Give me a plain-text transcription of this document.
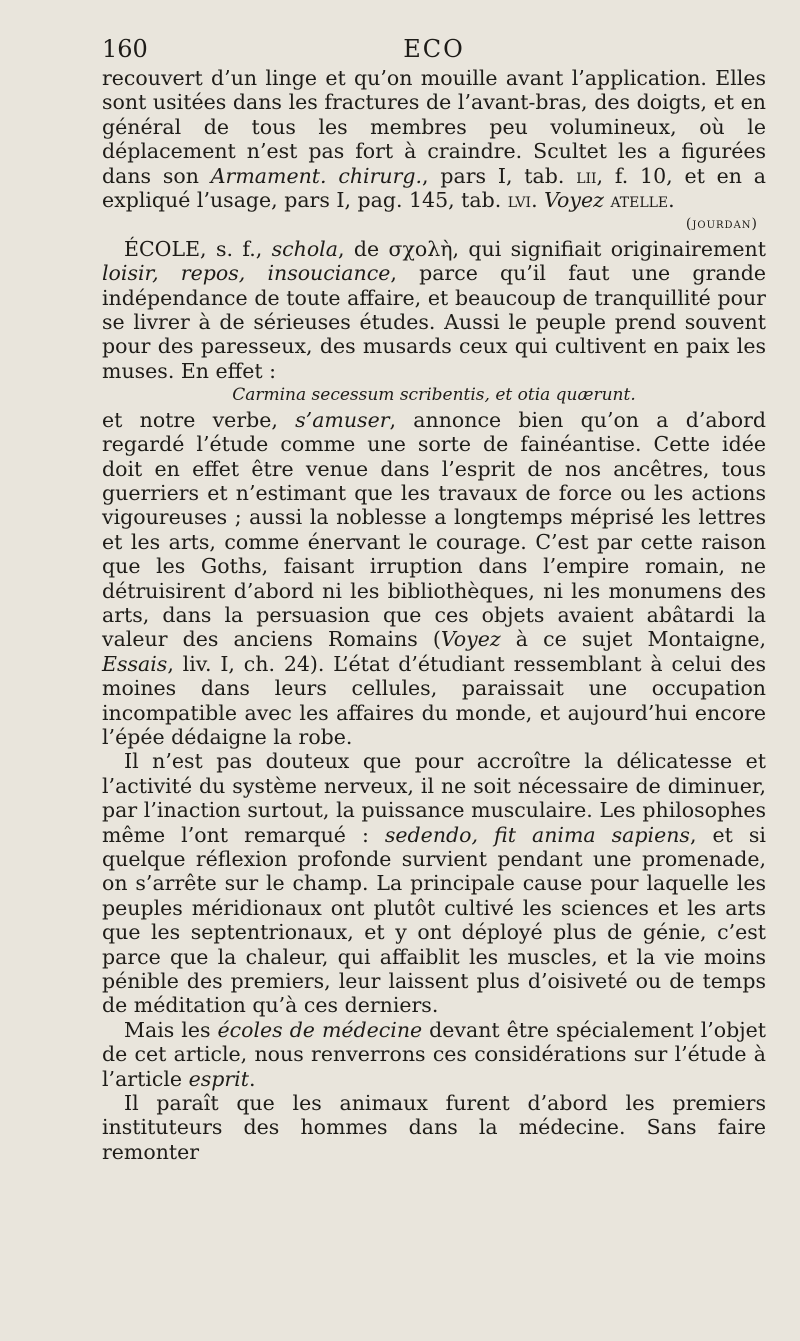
160	ECO

recouvert d’un linge et qu’on mouille avant l’application. Elles sont usitées dans les fractures de l’avant-bras, des doigts, et en général de tous les membres peu volumineux, où le déplacement n’est pas fort à craindre. Scultet les a figurées dans son Armament. chirurg., pars I, tab. lii, f. 10, et en a expliqué l’usage, pars I, pag. 145, tab. lvi. Voyez atelle.

(jourdan)

ÉCOLE, s. f., schola, de σχολὴ, qui signifiait originairement loisir, repos, insouciance, parce qu’il faut une grande indépendance de toute affaire, et beaucoup de tranquillité pour se livrer à de sérieuses études. Aussi le peuple prend souvent pour des paresseux, des musards ceux qui cultivent en paix les muses. En effet :

Carmina secessum scribentis, et otia quærunt.

et notre verbe, s’amuser, annonce bien qu’on a d’abord regardé l’étude comme une sorte de fainéantise. Cette idée doit en effet être venue dans l’esprit de nos ancêtres, tous guerriers et n’estimant que les travaux de force ou les actions vigoureuses ; aussi la noblesse a longtemps méprisé les lettres et les arts, comme énervant le courage. C’est par cette raison que les Goths, faisant irruption dans l’empire romain, ne détruisirent d’abord ni les bibliothèques, ni les monumens des arts, dans la persuasion que ces objets avaient abâtardi la valeur des anciens Romains (Voyez à ce sujet Montaigne, Essais, liv. I, ch. 24). L’état d’étudiant ressemblant à celui des moines dans leurs cellules, paraissait une occupation incompatible avec les affaires du monde, et aujourd’hui encore l’épée dédaigne la robe.

Il n’est pas douteux que pour accroître la délicatesse et l’activité du système nerveux, il ne soit nécessaire de diminuer, par l’inaction surtout, la puissance musculaire. Les philosophes même l’ont remarqué : sedendo, fit anima sapiens, et si quelque réflexion profonde survient pendant une promenade, on s’arrête sur le champ. La principale cause pour laquelle les peuples méridionaux ont plutôt cultivé les sciences et les arts que les septentrionaux, et y ont déployé plus de génie, c’est parce que la chaleur, qui affaiblit les muscles, et la vie moins pénible des premiers, leur laissent plus d’oisiveté ou de temps de méditation qu’à ces derniers.

Mais les écoles de médecine devant être spécialement l’objet de cet article, nous renverrons ces considérations sur l’étude à l’article esprit.

Il paraît que les animaux furent d’abord les premiers instituteurs des hommes dans la médecine. Sans faire remonter
